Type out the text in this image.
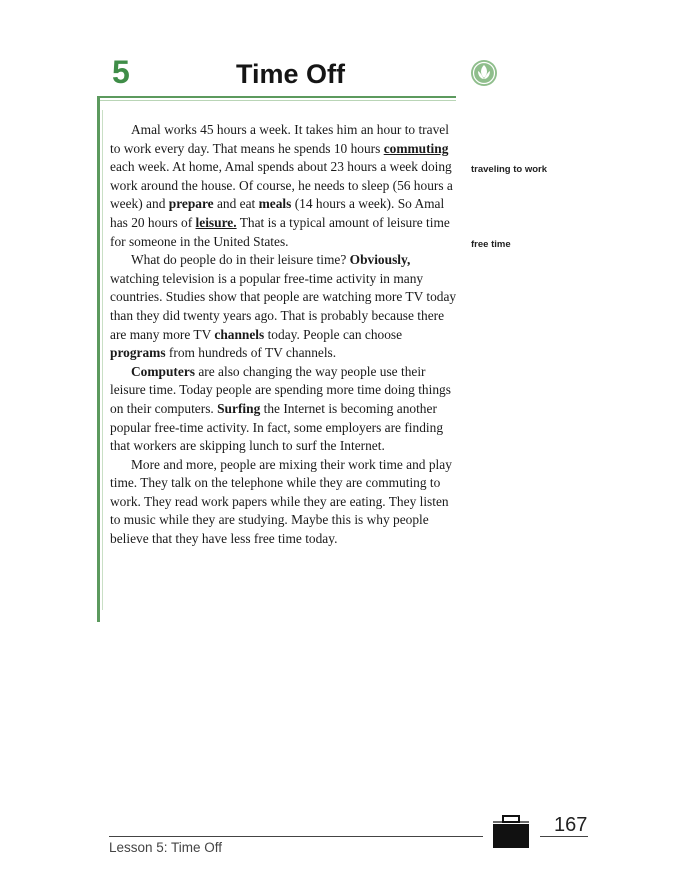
5	Time Off

Amal works 45 hours a week. It takes him an hour to travel to work every day. That means he spends 10 hours commuting each week. At home, Amal spends about 23 hours a week doing work around the house. Of course, he needs to sleep (56 hours a week) and prepare and eat meals (14 hours a week). So Amal has 20 hours of leisure. That is a typical amount of leisure time for someone in the United States.

What do people do in their leisure time? Obviously, watching television is a popular free-time activity in many countries. Studies show that people are watching more TV today than they did twenty years ago. That is probably because there are many more TV channels today. People can choose programs from hundreds of TV channels.

Computers are also changing the way people use their leisure time. Today people are spending more time doing things on their computers. Surfing the Internet is becoming another popular free-time activity. In fact, some employers are finding that workers are skipping lunch to surf the Internet.

More and more, people are mixing their work time and play time. They talk on the telephone while they are commuting to work. They read work papers while they are eating. They listen to music while they are studying. Maybe this is why people believe that they have less free time today.

traveling to work
free time
Lesson 5: Time Off
167
